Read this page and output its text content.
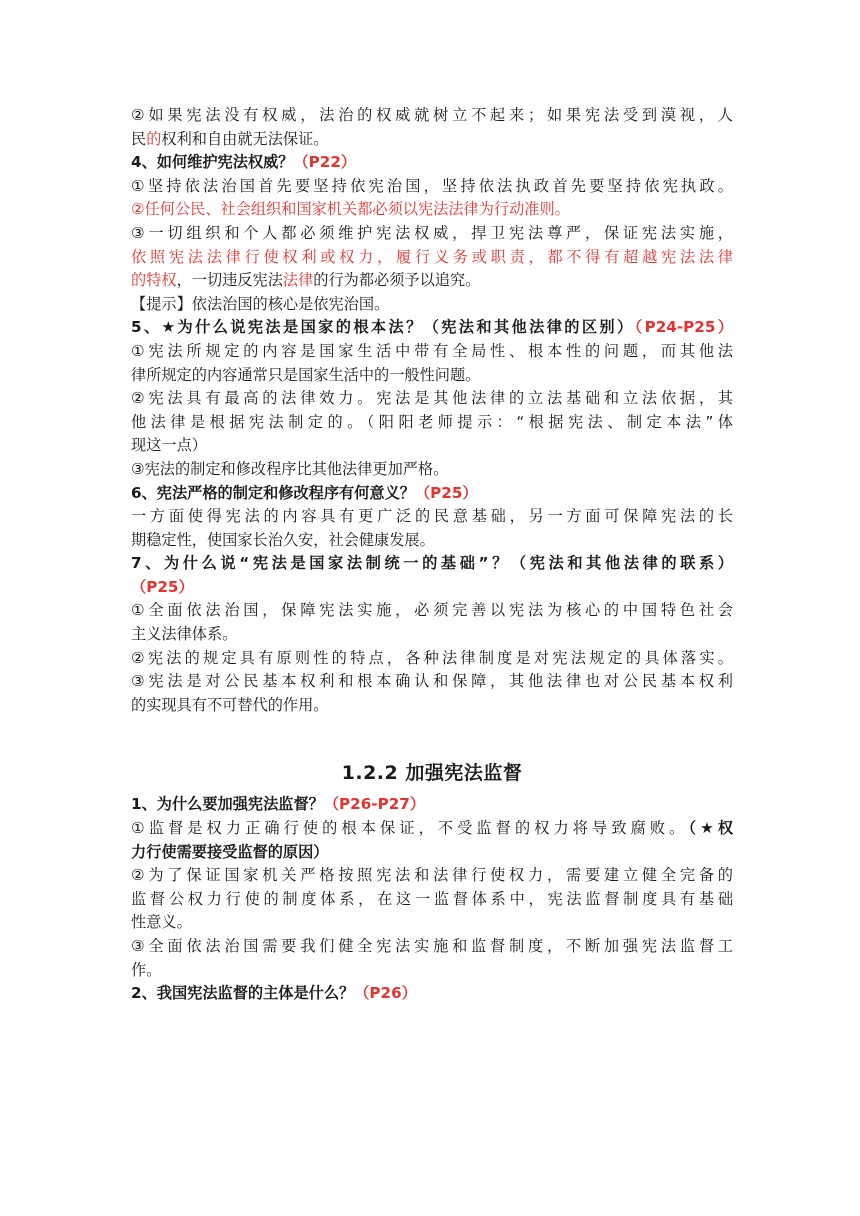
②如果宪法没有权威，法治的权威就树立不起来；如果宪法受到漠视，人
民的权利和自由就无法保证。
4、如何维护宪法权威？（P22）
①坚持依法治国首先要坚持依宪治国，坚持依法执政首先要坚持依宪执政。
②任何公民、社会组织和国家机关都必须以宪法法律为行动准则。
③一切组织和个人都必须维护宪法权威，捍卫宪法尊严，保证宪法实施，
依照宪法法律行使权利或权力，履行义务或职责，都不得有超越宪法法律
的特权，一切违反宪法法律的行为都必须予以追究。
【提示】依法治国的核心是依宪治国。
5、★为什么说宪法是国家的根本法？（宪法和其他法律的区别）（P24-P25）
①宪法所规定的内容是国家生活中带有全局性、根本性的问题，而其他法
律所规定的内容通常只是国家生活中的一般性问题。
②宪法具有最高的法律效力。宪法是其他法律的立法基础和立法依据，其
他法律是根据宪法制定的。（阳阳老师提示：“根据宪法、制定本法”体
现这一点）
③宪法的制定和修改程序比其他法律更加严格。
6、宪法严格的制定和修改程序有何意义？（P25）
一方面使得宪法的内容具有更广泛的民意基础，另一方面可保障宪法的长
期稳定性，使国家长治久安，社会健康发展。
7、为什么说“宪法是国家法制统一的基础”？（宪法和其他法律的联系）
（P25）
①全面依法治国，保障宪法实施，必须完善以宪法为核心的中国特色社会
主义法律体系。
②宪法的规定具有原则性的特点，各种法律制度是对宪法规定的具体落实。
③宪法是对公民基本权利和根本确认和保障，其他法律也对公民基本权利
的实现具有不可替代的作用。
1.2.2 加强宪法监督
1、为什么要加强宪法监督？（P26-P27）
①监督是权力正确行使的根本保证，不受监督的权力将导致腐败。（★权
力行使需要接受监督的原因）
②为了保证国家机关严格按照宪法和法律行使权力，需要建立健全完备的
监督公权力行使的制度体系，在这一监督体系中，宪法监督制度具有基础
性意义。
③全面依法治国需要我们健全宪法实施和监督制度，不断加强宪法监督工
作。
2、我国宪法监督的主体是什么？（P26）
